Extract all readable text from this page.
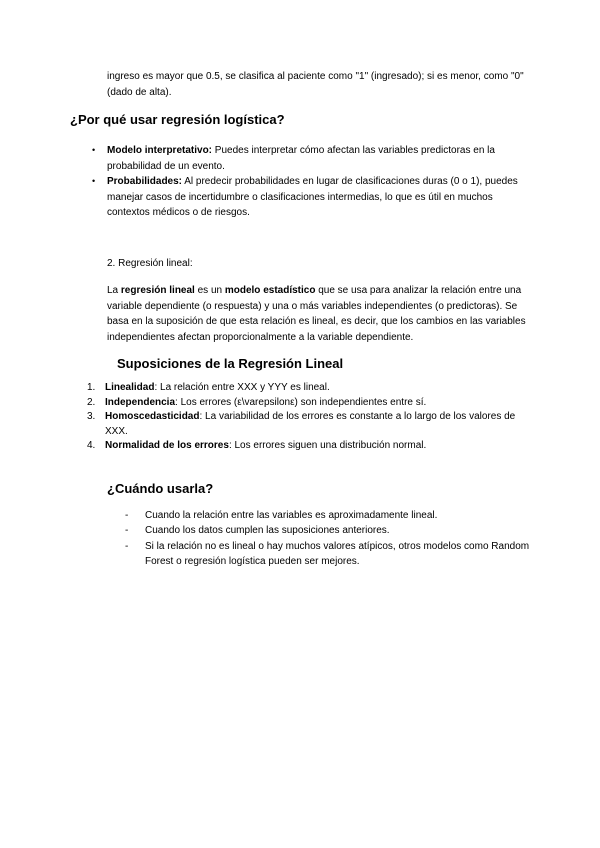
ingreso es mayor que 0.5, se clasifica al paciente como "1" (ingresado); si es menor, como "0" (dado de alta).

¿Por qué usar regresión logística?
• Modelo interpretativo: Puedes interpretar cómo afectan las variables predictoras en la probabilidad de un evento.
• Probabilidades: Al predecir probabilidades en lugar de clasificaciones duras (0 o 1), puedes manejar casos de incertidumbre o clasificaciones intermedias, lo que es útil en muchos contextos médicos o de riesgos.

2. Regresión lineal:

La regresión lineal es un modelo estadístico que se usa para analizar la relación entre una variable dependiente (o respuesta) y una o más variables independientes (o predictoras). Se basa en la suposición de que esta relación es lineal, es decir, que los cambios en las variables independientes afectan proporcionalmente a la variable dependiente.

Suposiciones de la Regresión Lineal
1. Linealidad: La relación entre XXX y YYY es lineal.
2. Independencia: Los errores (ε\varepsilonε) son independientes entre sí.
3. Homoscedasticidad: La variabilidad de los errores es constante a lo largo de los valores de XXX.
4. Normalidad de los errores: Los errores siguen una distribución normal.
¿Cuándo usarla?
- Cuando la relación entre las variables es aproximadamente lineal.
- Cuando los datos cumplen las suposiciones anteriores.
- Si la relación no es lineal o hay muchos valores atípicos, otros modelos como Random Forest o regresión logística pueden ser mejores.
